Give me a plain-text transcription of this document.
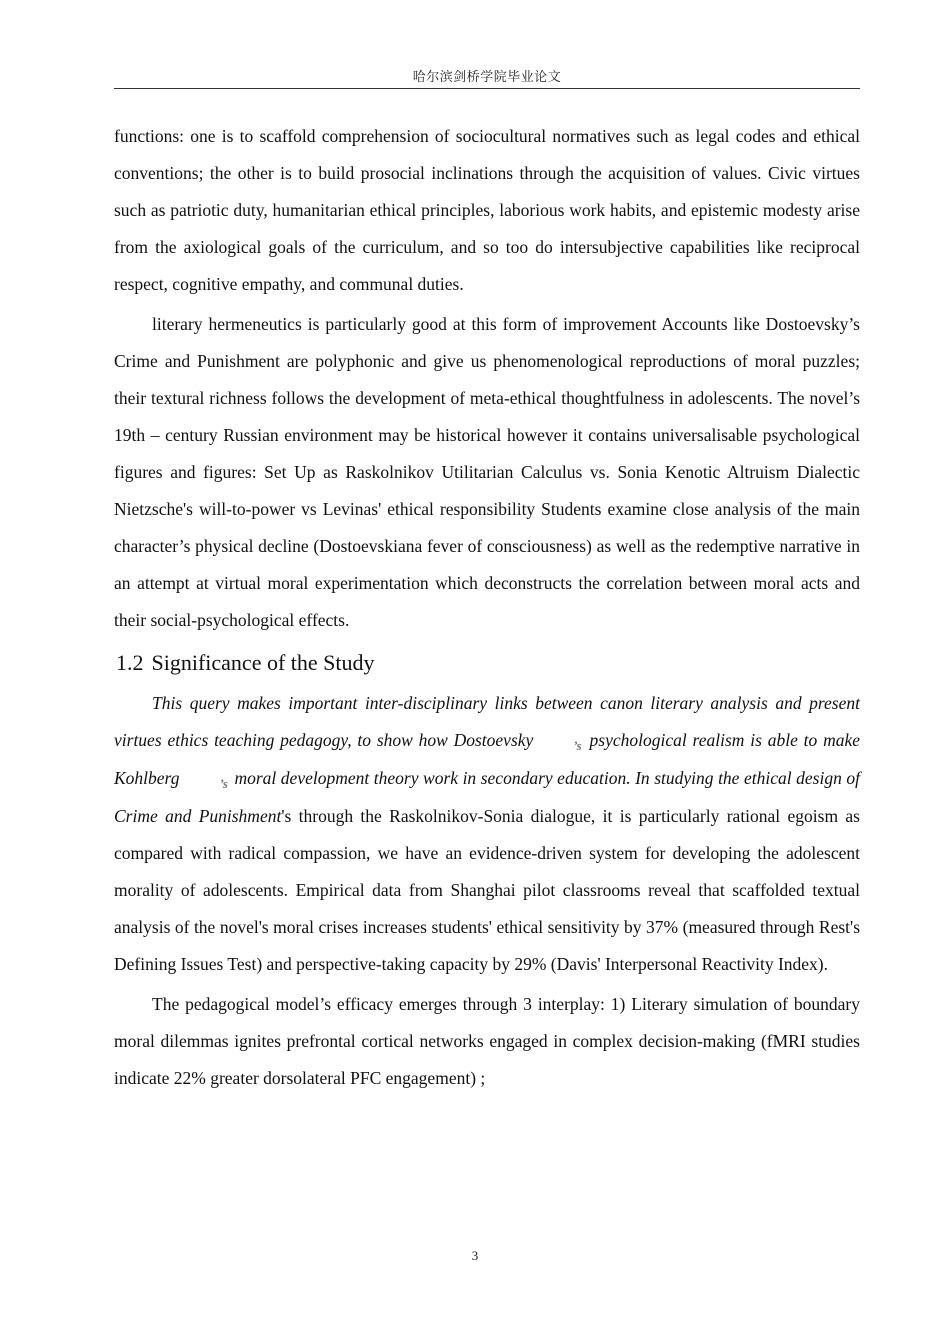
哈尔滨剑桥学院毕业论文

functions: one is to scaffold comprehension of sociocultural normatives such as legal codes and ethical conventions; the other is to build prosocial inclinations through the acquisition of values. Civic virtues such as patriotic duty, humanitarian ethical principles, laborious work habits, and epistemic modesty arise from the axiological goals of the curriculum, and so too do intersubjective capabilities like reciprocal respect, cognitive empathy, and communal duties.

literary hermeneutics is particularly good at this form of improvement Accounts like Dostoevsky’s Crime and Punishment are polyphonic and give us phenomenological reproductions of moral puzzles; their textural richness follows the development of meta-ethical thoughtfulness in adolescents. The novel’s 19th – century Russian environment may be historical however it contains universalisable psychological figures and figures: Set Up as Raskolnikov Utilitarian Calculus vs. Sonia Kenotic Altruism Dialectic Nietzsche's will-to-power vs Levinas' ethical responsibility Students examine close analysis of the main character’s physical decline (Dostoevskiana fever of consciousness) as well as the redemptive narrative in an attempt at virtual moral experimentation which deconstructs the correlation between moral acts and their social-psychological effects.

1.2 Significance of the Study

This query makes important inter-disciplinary links between canon literary analysis and present virtues ethics teaching pedagogy, to show how Dostoevsky	’s psychological realism is able to make Kohlberg	’s moral development theory work in secondary education. In studying the ethical design of Crime and Punishment's through the Raskolnikov-Sonia dialogue, it is particularly rational egoism as compared with radical compassion, we have an evidence-driven system for developing the adolescent morality of adolescents. Empirical data from Shanghai pilot classrooms reveal that scaffolded textual analysis of the novel's moral crises increases students' ethical sensitivity by 37% (measured through Rest's Defining Issues Test) and perspective-taking capacity by 29% (Davis' Interpersonal Reactivity Index).

The pedagogical model’s efficacy emerges through 3 interplay: 1) Literary simulation of boundary moral dilemmas ignites prefrontal cortical networks engaged in complex decision-making (fMRI studies indicate 22% greater dorsolateral PFC engagement) ;

3
